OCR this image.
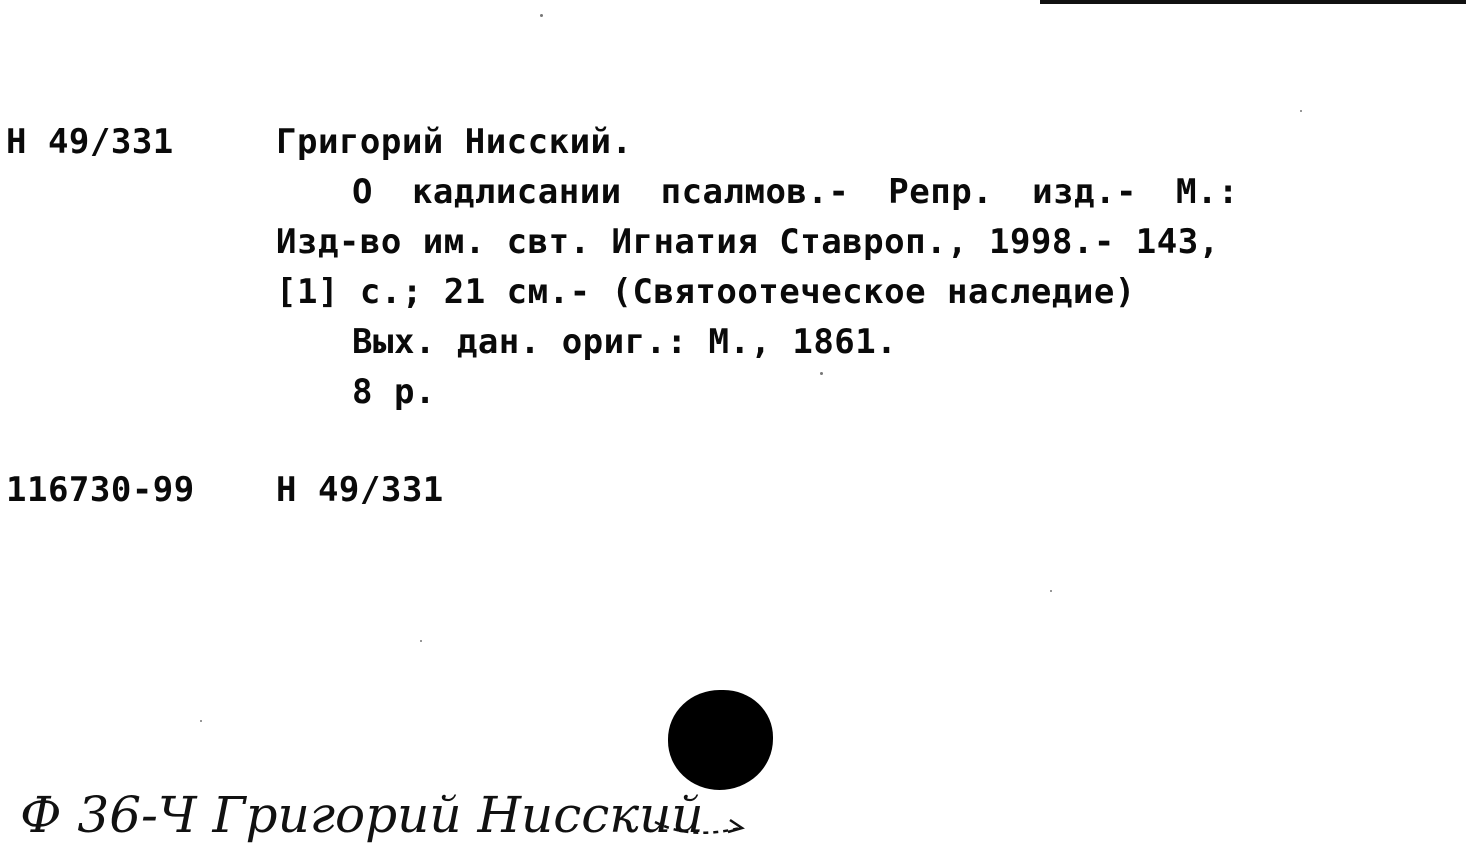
Н 49/331	Григорий Нисский.
О кадлисании псалмов.- Репр. изд.- М.:
Изд-во им. свт. Игнатия Ставроп., 1998.- 143,
[1] с.; 21 см.- (Святоотеческое наследие)
Вых. дан. ориг.: М., 1861.
8 р.
116730-99 Н 49/331
Ф 36-Ч Григорий Нисский
